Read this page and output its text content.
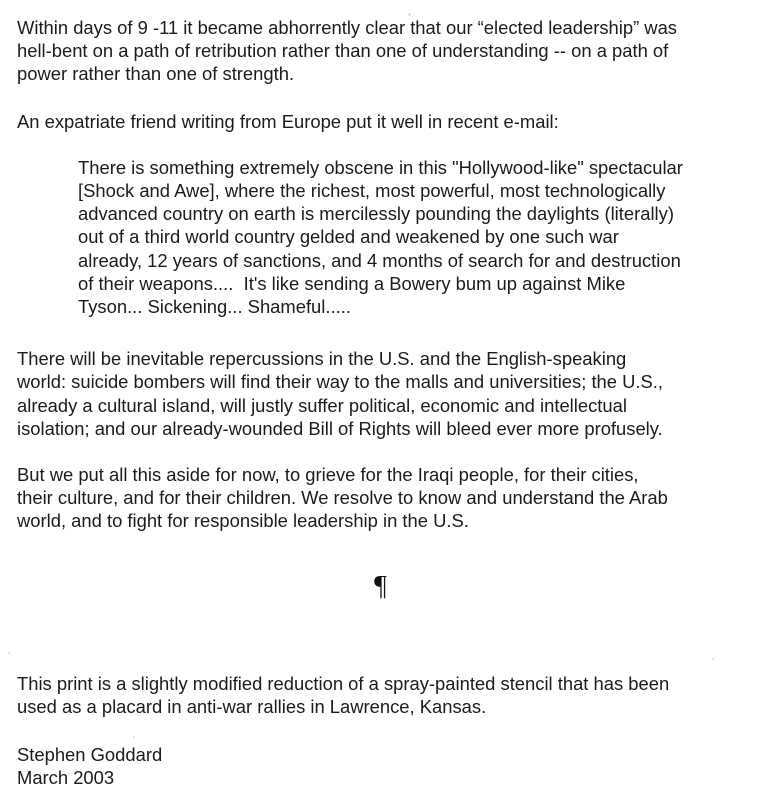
Within days of 9 -11 it became abhorrently clear that our “elected leadership” was
hell-bent on a path of retribution rather than one of understanding -- on a path of
power rather than one of strength.
An expatriate friend writing from Europe put it well in recent e-mail:
There is something extremely obscene in this "Hollywood-like" spectacular
[Shock and Awe], where the richest, most powerful, most technologically
advanced country on earth is mercilessly pounding the daylights (literally)
out of a third world country gelded and weakened by one such war
already, 12 years of sanctions, and 4 months of search for and destruction
of their weapons....  It's like sending a Bowery bum up against Mike
Tyson... Sickening... Shameful.....
There will be inevitable repercussions in the U.S. and the English-speaking
world: suicide bombers will find their way to the malls and universities; the U.S.,
already a cultural island, will justly suffer political, economic and intellectual
isolation; and our already-wounded Bill of Rights will bleed ever more profusely.
But we put all this aside for now, to grieve for the Iraqi people, for their cities,
their culture, and for their children. We resolve to know and understand the Arab
world, and to fight for responsible leadership in the U.S.
¶
This print is a slightly modified reduction of a spray-painted stencil that has been
used as a placard in anti-war rallies in Lawrence, Kansas.
Stephen Goddard
March 2003
